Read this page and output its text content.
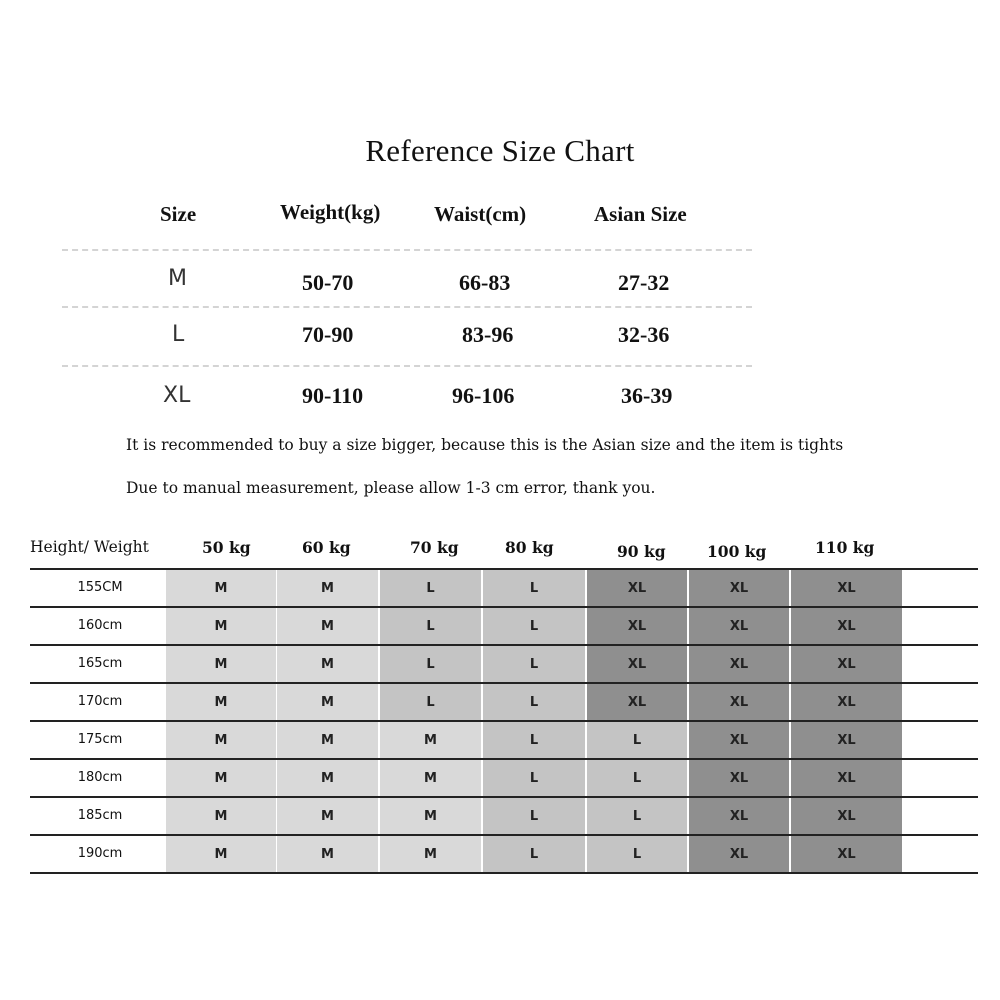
Reference Size Chart
Size	Weight(kg)	Waist(cm)	Asian Size
M	50-70	66-83	27-32
L	70-90	83-96	32-36
XL	90-110	96-106	36-39
It is recommended to buy a size bigger, because this is the Asian size and the item is tights
Due to manual measurement, please allow 1-3 cm error, thank you.
Height/ Weight	50 kg	60 kg	70 kg	80 kg	90 kg	100 kg	110 kg
155CM	M	M	L	L	XL	XL	XL
160cm	M	M	L	L	XL	XL	XL
165cm	M	M	L	L	XL	XL	XL
170cm	M	M	L	L	XL	XL	XL
175cm	M	M	M	L	L	XL	XL
180cm	M	M	M	L	L	XL	XL
185cm	M	M	M	L	L	XL	XL
190cm	M	M	M	L	L	XL	XL
